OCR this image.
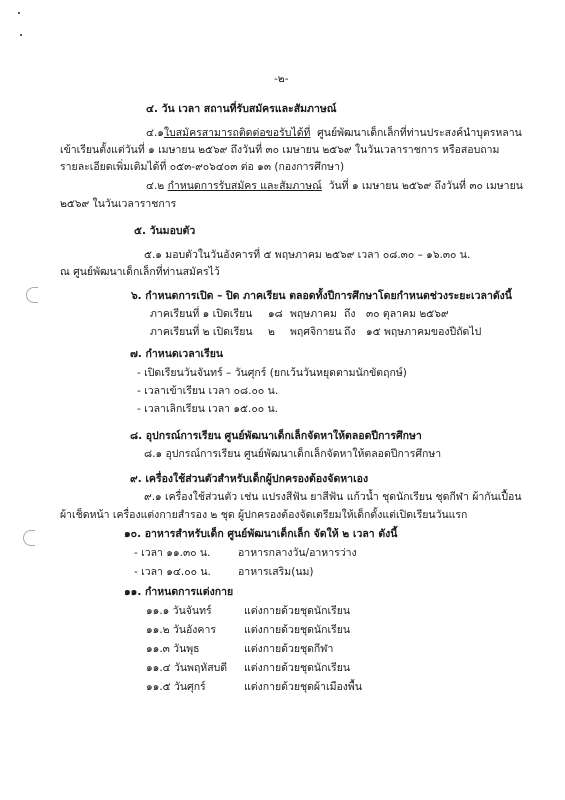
-๒-
๔. วัน เวลา สถานที่รับสมัครและสัมภาษณ์
๔.๑ใบสมัครสามารถติดต่อขอรับได้ที่ ศูนย์พัฒนาเด็กเล็กที่ท่านประสงค์นำบุตรหลาน
เข้าเรียนตั้งแต่วันที่ ๑ เมษายน ๒๕๖๙ ถึงวันที่ ๓๐ เมษายน ๒๕๖๙ ในวันเวลาราชการ หรือสอบถาม
รายละเอียดเพิ่มเติมได้ที่ ๐๕๓-๙๐๖๔๐๓ ต่อ ๑๓ (กองการศึกษา)
๔.๒ กำหนดการรับสมัคร และสัมภาษณ์ วันที่ ๑ เมษายน ๒๕๖๙ ถึงวันที่ ๓๐ เมษายน
๒๕๖๙ ในวันเวลาราชการ
๕. วันมอบตัว
๕.๑ มอบตัวในวันอังคารที่ ๕ พฤษภาคม ๒๕๖๙ เวลา ๐๘.๓๐ – ๑๖.๓๐ น.
ณ ศูนย์พัฒนาเด็กเล็กที่ท่านสมัครไว้
๖. กำหนดการเปิด – ปิด ภาคเรียน ตลอดทั้งปีการศึกษาโดยกำหนดช่วงระยะเวลาดังนี้
ภาคเรียนที่ ๑ เปิดเรียน	๑๘ พฤษภาคม ถึง	๓๐ ตุลาคม ๒๕๖๙
ภาคเรียนที่ ๒ เปิดเรียน	๒	พฤศจิกายน ถึง	๑๕ พฤษภาคมของปีถัดไป
๗. กำหนดเวลาเรียน
- เปิดเรียนวันจันทร์ – วันศุกร์ (ยกเว้นวันหยุดตามนักขัตฤกษ์)
- เวลาเข้าเรียน เวลา ๐๘.๐๐ น.
- เวลาเลิกเรียน เวลา ๑๕.๐๐ น.
๘. อุปกรณ์การเรียน ศูนย์พัฒนาเด็กเล็กจัดหาให้ตลอดปีการศึกษา
๘.๑ อุปกรณ์การเรียน ศูนย์พัฒนาเด็กเล็กจัดหาให้ตลอดปีการศึกษา
๙. เครื่องใช้ส่วนตัวสำหรับเด็กผู้ปกครองต้องจัดหาเอง
๙.๑ เครื่องใช้ส่วนตัว เช่น แปรงสีฟัน ยาสีฟัน แก้วน้ำ ชุดนักเรียน ชุดกีฬา ผ้ากันเปื้อน
ผ้าเช็ดหน้า เครื่องแต่งกายสำรอง ๒ ชุด ผู้ปกครองต้องจัดเตรียมให้เด็กตั้งแต่เปิดเรียนวันแรก
๑๐. อาหารสำหรับเด็ก ศูนย์พัฒนาเด็กเล็ก จัดให้ ๒ เวลา ดังนี้
- เวลา ๑๑.๓๐ น.	อาหารกลางวัน/อาหารว่าง
- เวลา ๑๔.๐๐ น.	อาหารเสริม(นม)
๑๑. กำหนดการแต่งกาย
๑๑.๑ วันจันทร์	แต่งกายด้วยชุดนักเรียน
๑๑.๒ วันอังคาร	แต่งกายด้วยชุดนักเรียน
๑๑.๓ วันพุธ	แต่งกายด้วยชุดกีฬา
๑๑.๔ วันพฤหัสบดี	แต่งกายด้วยชุดนักเรียน
๑๑.๕ วันศุกร์	แต่งกายด้วยชุดผ้าเมืองพื้น
